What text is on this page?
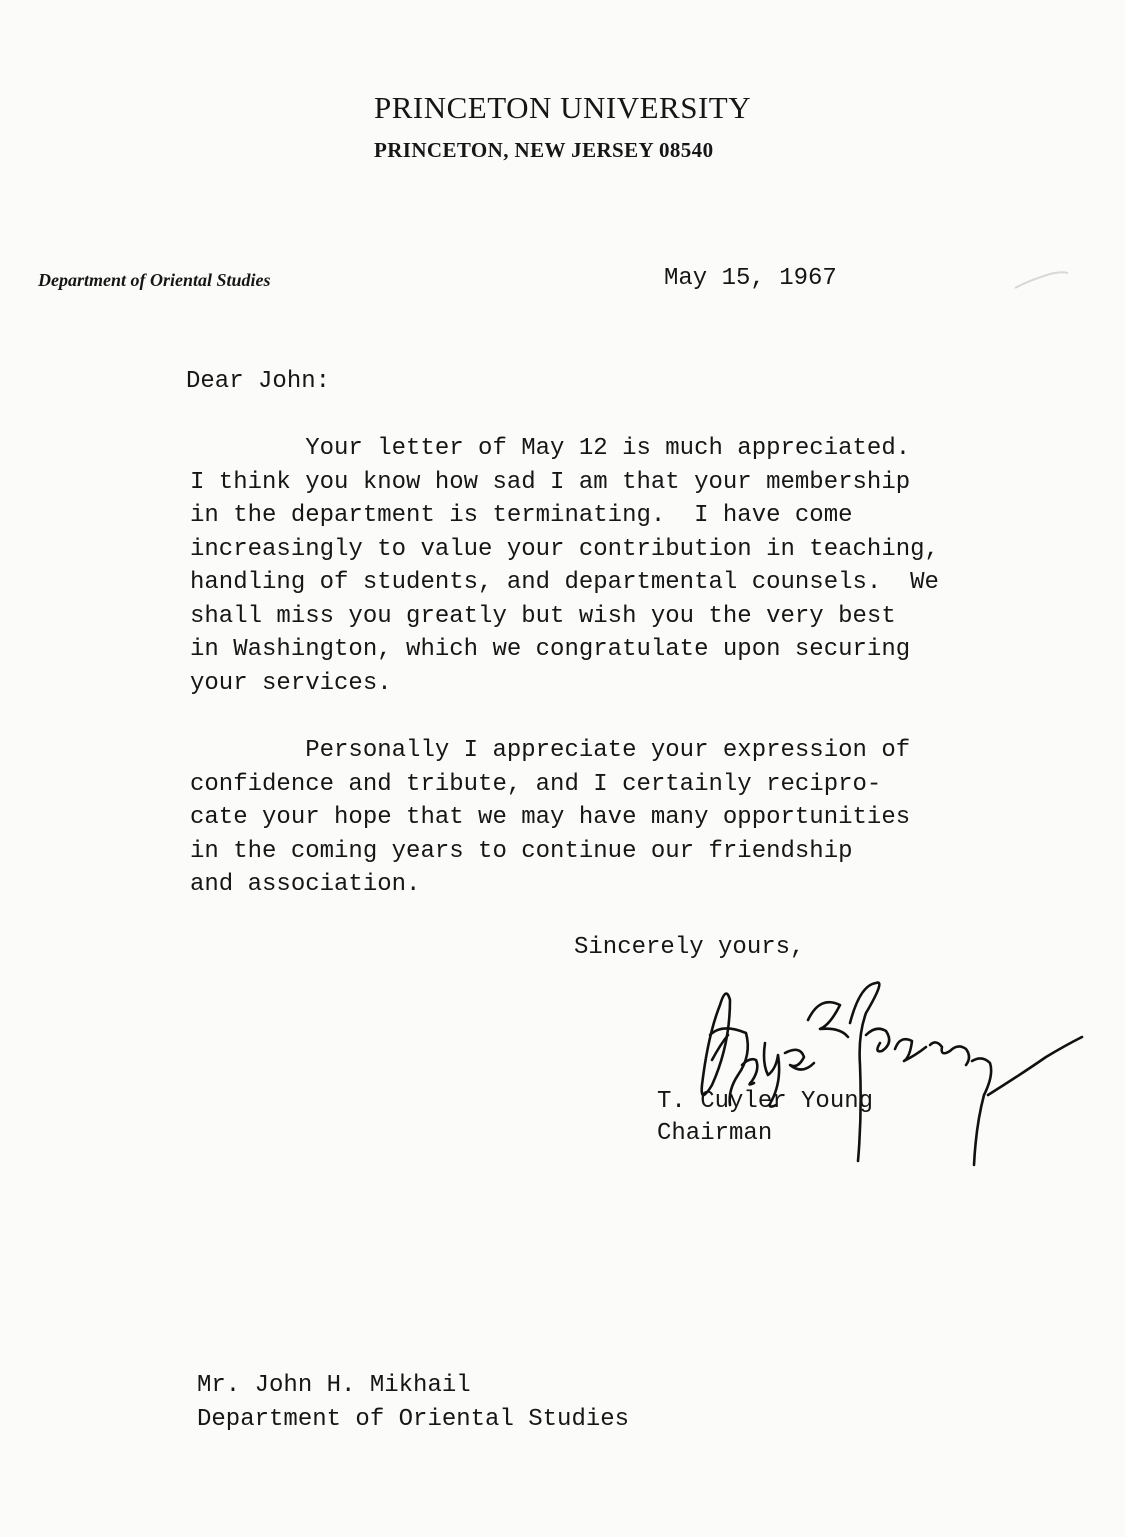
PRINCETON UNIVERSITY
PRINCETON, NEW JERSEY 08540
Department of Oriental Studies	May 15, 1967
Dear John:
Your letter of May 12 is much appreciated.
I think you know how sad I am that your membership
in the department is terminating.  I have come
increasingly to value your contribution in teaching,
handling of students, and departmental counsels.  We
shall miss you greatly but wish you the very best
in Washington, which we congratulate upon securing
your services.
Personally I appreciate your expression of
confidence and tribute, and I certainly recipro-
cate your hope that we may have many opportunities
in the coming years to continue our friendship
and association.
Sincerely yours,
T. Cuyler Young
Chairman
Mr. John H. Mikhail
Department of Oriental Studies
